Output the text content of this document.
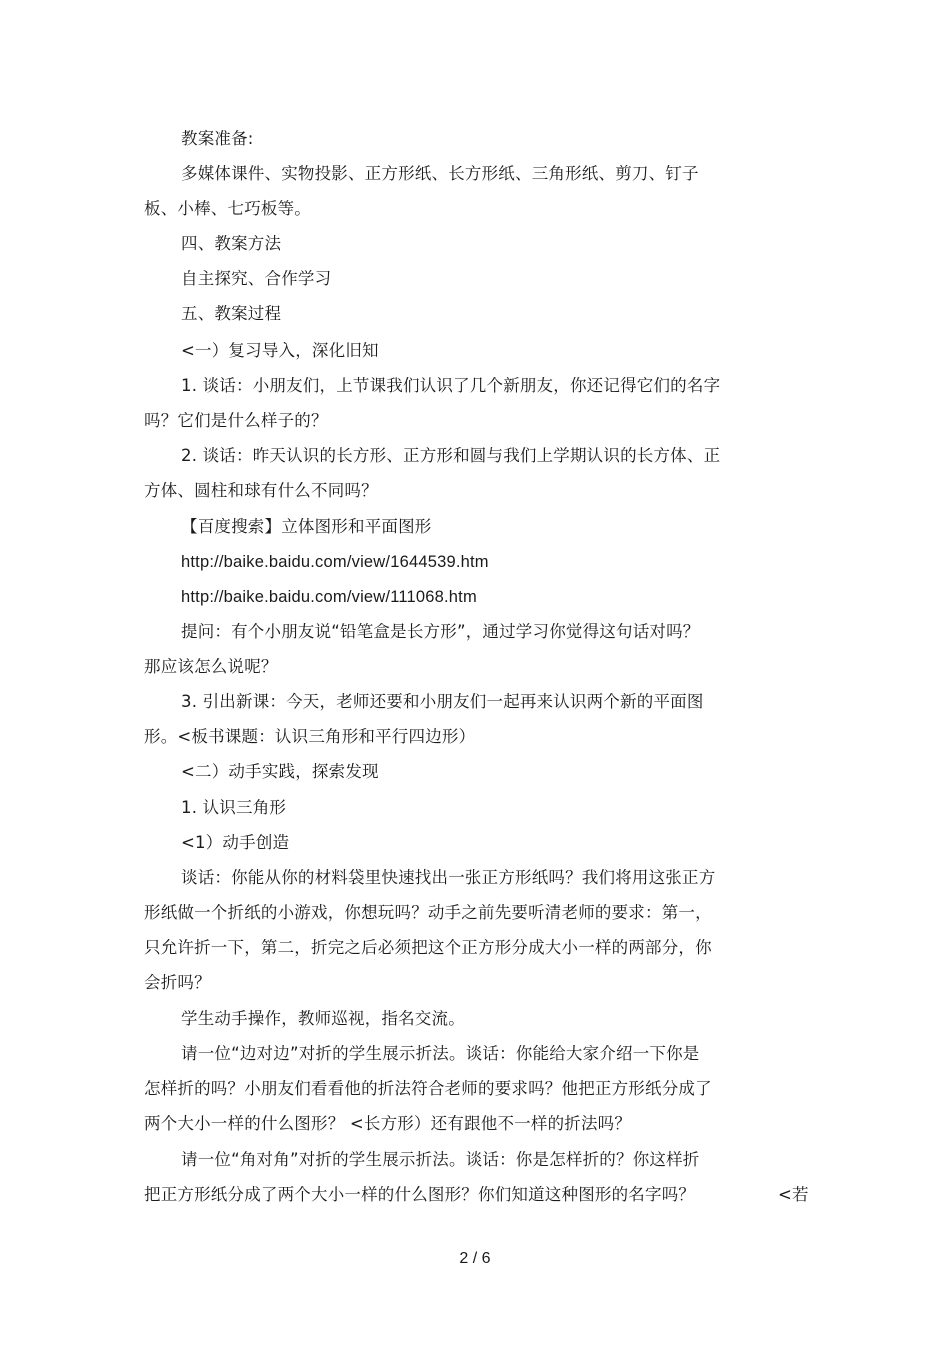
教案准备:
多媒体课件、实物投影、正方形纸、长方形纸、三角形纸、剪刀、钉子
板、小棒、七巧板等。
四、教案方法
自主探究、合作学习
五、教案过程
<一）复习导入，深化旧知
1. 谈话：小朋友们，上节课我们认识了几个新朋友，你还记得它们的名字
吗？它们是什么样子的？
2. 谈话：昨天认识的长方形、正方形和圆与我们上学期认识的长方体、正
方体、圆柱和球有什么不同吗？
【百度搜索】立体图形和平面图形
http://baike.baidu.com/view/1644539.htm
http://baike.baidu.com/view/111068.htm
提问：有个小朋友说“铅笔盒是长方形”，通过学习你觉得这句话对吗？
那应该怎么说呢？
3. 引出新课：今天，老师还要和小朋友们一起再来认识两个新的平面图
形。<板书课题：认识三角形和平行四边形）
<二）动手实践，探索发现
1. 认识三角形
<1）动手创造
谈话：你能从你的材料袋里快速找出一张正方形纸吗？我们将用这张正方
形纸做一个折纸的小游戏，你想玩吗？动手之前先要听清老师的要求：第一，
只允许折一下，第二，折完之后必须把这个正方形分成大小一样的两部分，你
会折吗？
学生动手操作，教师巡视，指名交流。
请一位“边对边”对折的学生展示折法。谈话：你能给大家介绍一下你是
怎样折的吗？小朋友们看看他的折法符合老师的要求吗？他把正方形纸分成了
两个大小一样的什么图形？ <长方形）还有跟他不一样的折法吗？
请一位“角对角”对折的学生展示折法。谈话：你是怎样折的？你这样折
把正方形纸分成了两个大小一样的什么图形？你们知道这种图形的名字吗？	<若
2 / 6
